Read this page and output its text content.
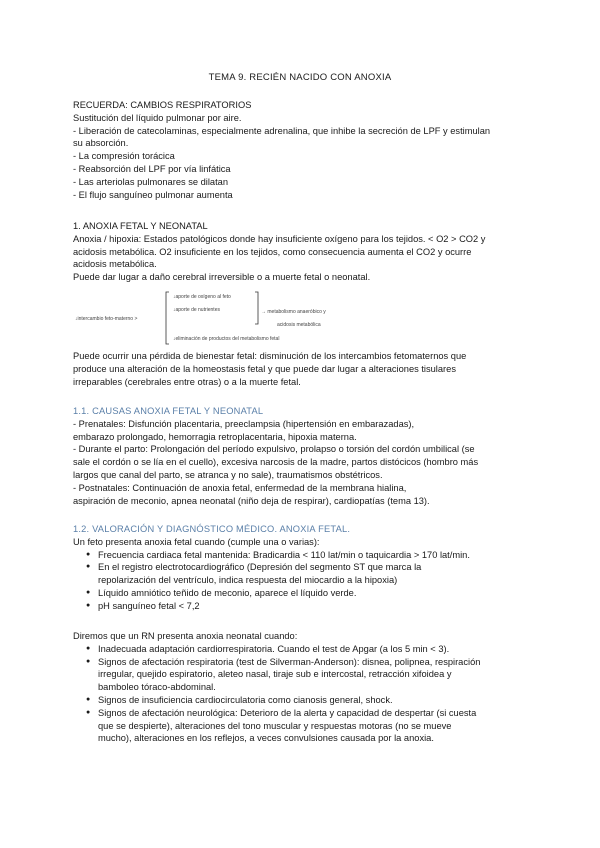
TEMA 9. RECIÉN NACIDO CON ANOXIA

RECUERDA: CAMBIOS RESPIRATORIOS

Sustitución del líquido pulmonar por aire.

- Liberación de catecolaminas, especialmente adrenalina, que inhibe la secreción de LPF y estimulan

su absorción.

- La compresión torácica

- Reabsorción del LPF por vía linfática

- Las arteriolas pulmonares se dilatan

- El flujo sanguíneo pulmonar aumenta

1. ANOXIA FETAL Y NEONATAL

Anoxia / hipoxia: Estados patológicos donde hay insuficiente oxígeno para los tejidos. < O2 > CO2 y

acidosis metabólica. O2 insuficiente en los tejidos, como consecuencia aumenta el CO2 y ocurre

acidosis metabólica.

Puede dar lugar a daño cerebral irreversible o a muerte fetal o neonatal.

↓intercambio feto-materno >
↓aporte de oxígeno al feto
↓aporte de nutrientes
↓eliminación de productos del metabolismo fetal
→ metabolismo anaeróbico y
acidosis metabólica

Puede ocurrir una pérdida de bienestar fetal: disminución de los intercambios fetomaternos que

produce una alteración de la homeostasis fetal y que puede dar lugar a alteraciones tisulares

irreparables (cerebrales entre otras) o a la muerte fetal.

1.1. CAUSAS ANOXIA FETAL Y NEONATAL

- Prenatales: Disfunción placentaria, preeclampsia (hipertensión en embarazadas),

embarazo prolongado, hemorragia retroplacentaria, hipoxia materna.

- Durante el parto: Prolongación del período expulsivo, prolapso o torsión del cordón umbilical (se

sale el cordón o se lía en el cuello), excesiva narcosis de la madre, partos distócicos (hombro más

largos que canal del parto, se atranca y no sale), traumatismos obstétricos.

- Postnatales: Continuación de anoxia fetal, enfermedad de la membrana hialina,

aspiración de meconio, apnea neonatal (niño deja de respirar), cardiopatías (tema 13).

1.2. VALORACIÓN Y DIAGNÓSTICO MÉDICO. ANOXIA FETAL.

Un feto presenta anoxia fetal cuando (cumple una o varias):

● Frecuencia cardiaca fetal mantenida: Bradicardia < 110 lat/min o taquicardia > 170 lat/min.
● En el registro electrotocardiográfico (Depresión del segmento ST que marca la
repolarización del ventrículo, indica respuesta del miocardio a la hipoxia)
● Líquido amniótico teñido de meconio, aparece el líquido verde.
● pH sanguíneo fetal < 7,2

Diremos que un RN presenta anoxia neonatal cuando:

● Inadecuada adaptación cardiorrespiratoria. Cuando el test de Apgar (a los 5 min < 3).
● Signos de afectación respiratoria (test de Silverman-Anderson): disnea, polipnea, respiración
irregular, quejido espiratorio, aleteo nasal, tiraje sub e intercostal, retracción xifoidea y
bamboleo tóraco-abdominal.
● Signos de insuficiencia cardiocirculatoria como cianosis general, shock.
● Signos de afectación neurológica: Deterioro de la alerta y capacidad de despertar (si cuesta
que se despierte), alteraciones del tono muscular y respuestas motoras (no se mueve
mucho), alteraciones en los reflejos, a veces convulsiones causada por la anoxia.
